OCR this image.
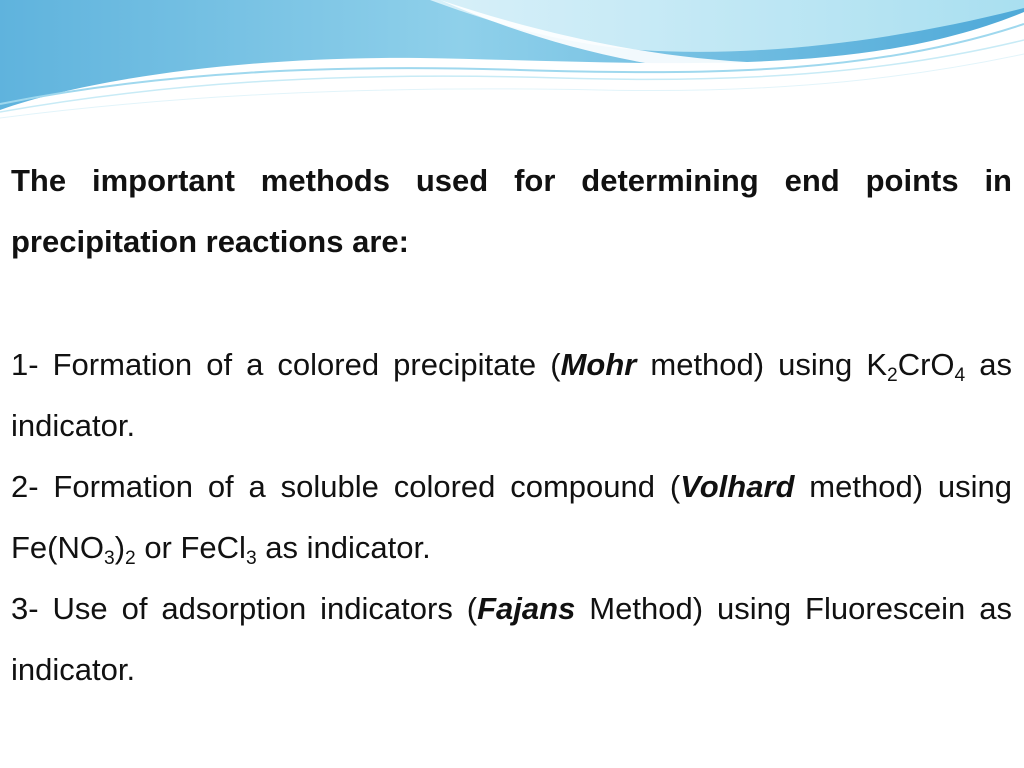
The important methods used for determining end points in precipitation reactions are:

1- Formation of a colored precipitate (Mohr method) using $K_2CrO_4$ as indicator.

2- Formation of a soluble colored compound (Volhard method) using $Fe(NO_3)_2$ or FeCl$_3$ as indicator.

3- Use of adsorption indicators (Fajans Method) using Fluorescein as indicator.
